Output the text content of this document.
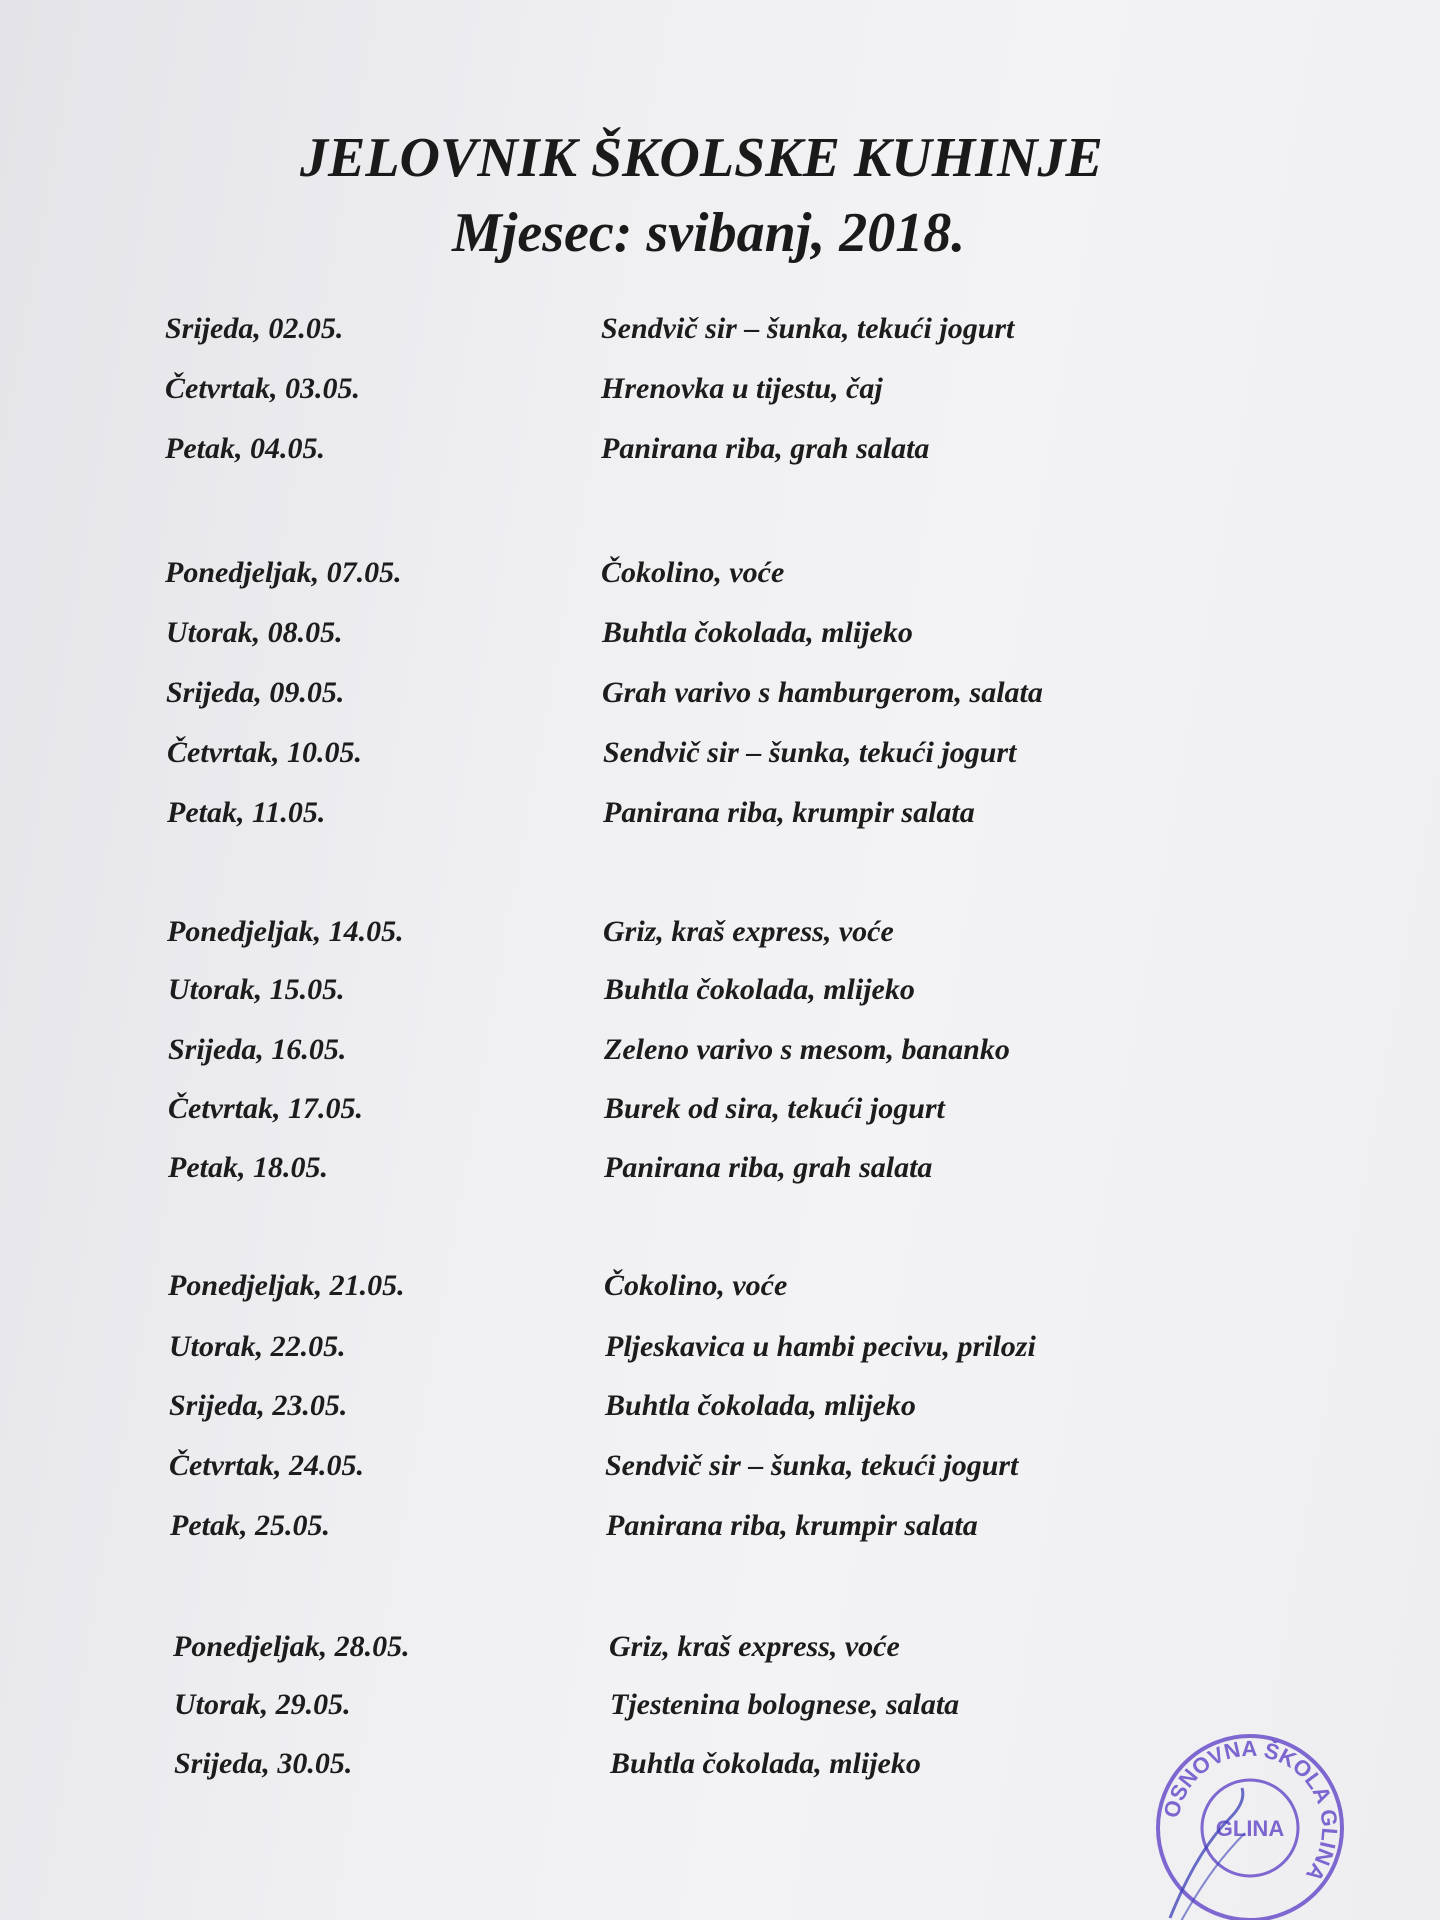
JELOVNIK ŠKOLSKE KUHINJE
Mjesec: svibanj, 2018.
Srijeda, 02.05.	Sendvič sir – šunka, tekući jogurt
Četvrtak, 03.05.	Hrenovka u tijestu, čaj
Petak, 04.05.	Panirana riba, grah salata
Ponedjeljak, 07.05.	Čokolino, voće
Utorak, 08.05.	Buhtla čokolada, mlijeko
Srijeda, 09.05.	Grah varivo s hamburgerom, salata
Četvrtak, 10.05.	Sendvič sir – šunka, tekući jogurt
Petak, 11.05.	Panirana riba, krumpir salata
Ponedjeljak, 14.05.	Griz, kraš express, voće
Utorak, 15.05.	Buhtla čokolada, mlijeko
Srijeda, 16.05.	Zeleno varivo s mesom, bananko
Četvrtak, 17.05.	Burek od sira, tekući jogurt
Petak, 18.05.	Panirana riba, grah salata
Ponedjeljak, 21.05.	Čokolino, voće
Utorak, 22.05.	Pljeskavica u hambi pecivu, prilozi
Srijeda, 23.05.	Buhtla čokolada, mlijeko
Četvrtak, 24.05.	Sendvič sir – šunka, tekući jogurt
Petak, 25.05.	Panirana riba, krumpir salata
Ponedjeljak, 28.05.	Griz, kraš express, voće
Utorak, 29.05.	Tjestenina bolognese, salata
Srijeda, 30.05.	Buhtla čokolada, mlijeko
OSNOVNA ŠKOLA GLINA
GLINA
